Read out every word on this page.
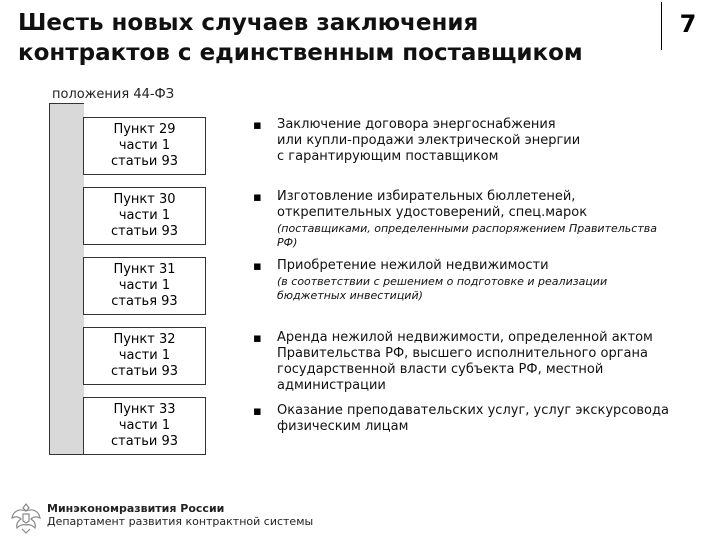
Шесть новых случаев заключения
контрактов с единственным поставщиком
7
положения 44-ФЗ
Пункт 29
части 1
статьи 93
Пункт 30
части 1
статьи 93
Пункт 31
части 1
статья 93
Пункт 32
части 1
статьи 93
Пункт 33
части 1
статьи 93
▪
▪
▪
▪
▪
Заключение договора энергоснабжения
или купли-продажи электрической энергии
с гарантирующим поставщиком
Изготовление избирательных бюллетеней,
открепительных удостоверений, спец.марок
(поставщиками, определенными распоряжением Правительства
РФ)
Приобретение нежилой недвижимости
(в соответствии с решением о подготовке и реализации
бюджетных инвестиций)
Аренда нежилой недвижимости, определенной актом
Правительства РФ, высшего исполнительного органа
государственной власти субъекта РФ, местной
администрации
Оказание преподавательских услуг, услуг экскурсовода
физическим лицам
Минэкономразвития России
Департамент развития контрактной системы
